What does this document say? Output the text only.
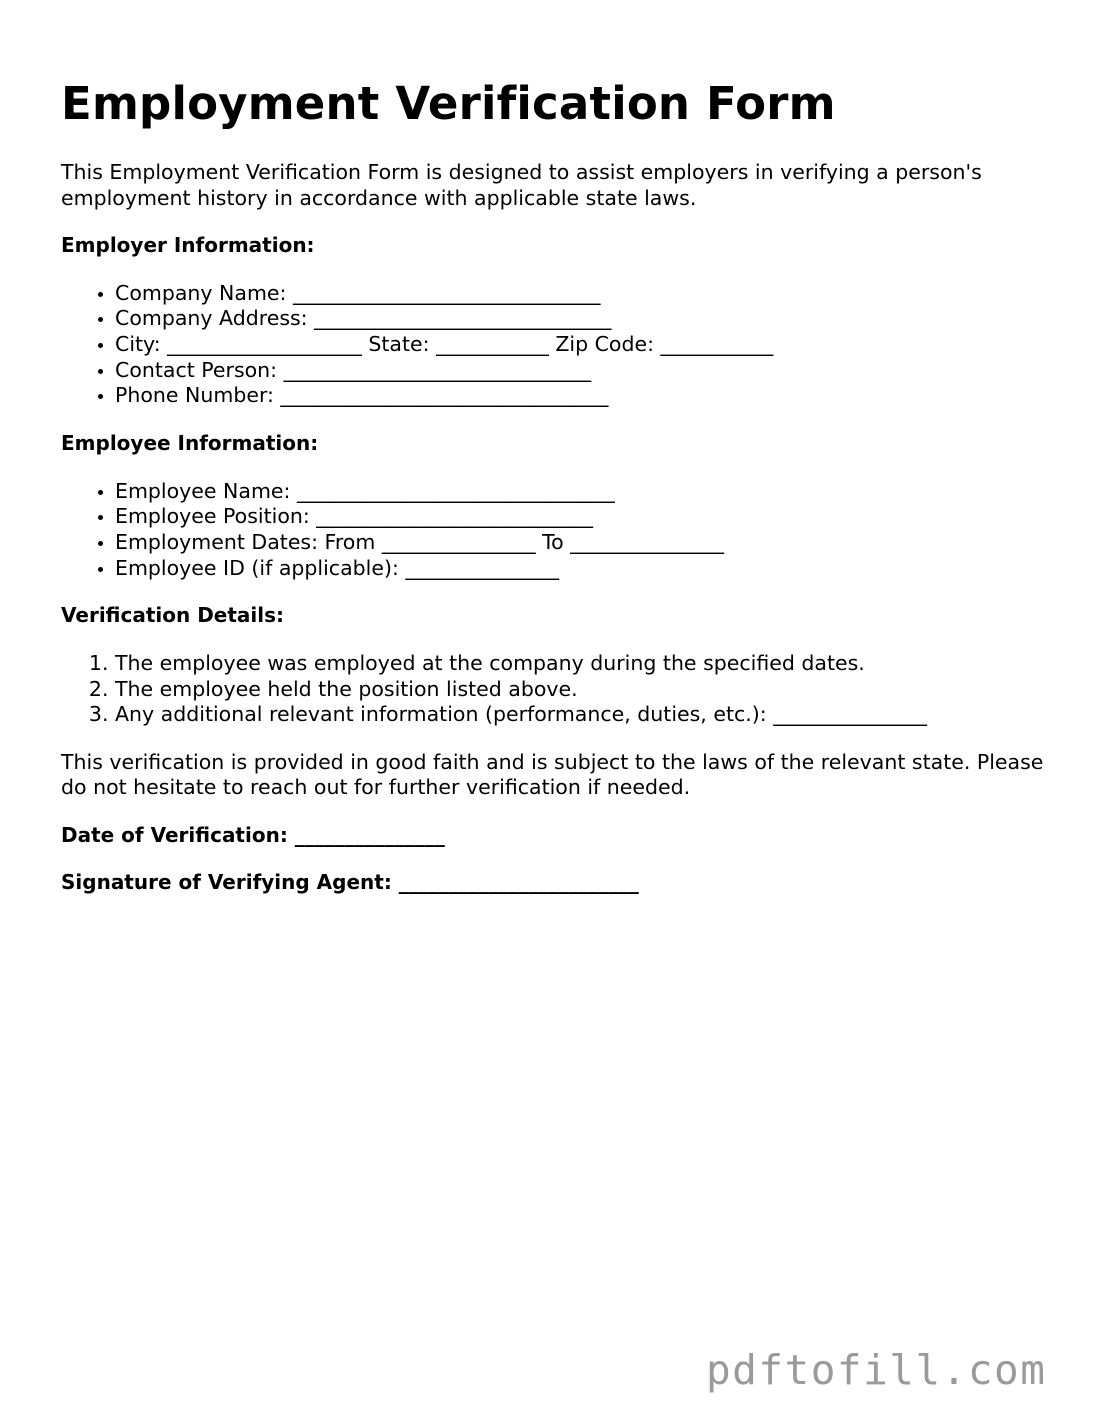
Employment Verification Form

This Employment Verification Form is designed to assist employers in verifying a person's employment history in accordance with applicable state laws.

Employer Information:
• Company Name: ______________________________
• Company Address: _____________________________
• City: ___________________ State: ___________ Zip Code: ___________
• Contact Person: ______________________________
• Phone Number: ________________________________
Employee Information:
• Employee Name: _______________________________
• Employee Position: ___________________________
• Employment Dates: From _______________ To _______________
• Employee ID (if applicable): _______________
Verification Details:
1. The employee was employed at the company during the specified dates.
2. The employee held the position listed above.
3. Any additional relevant information (performance, duties, etc.): _______________

This verification is provided in good faith and is subject to the laws of the relevant state. Please do not hesitate to reach out for further verification if needed.

Date of Verification: _______________
Signature of Verifying Agent: ________________________
pdftofill.com
